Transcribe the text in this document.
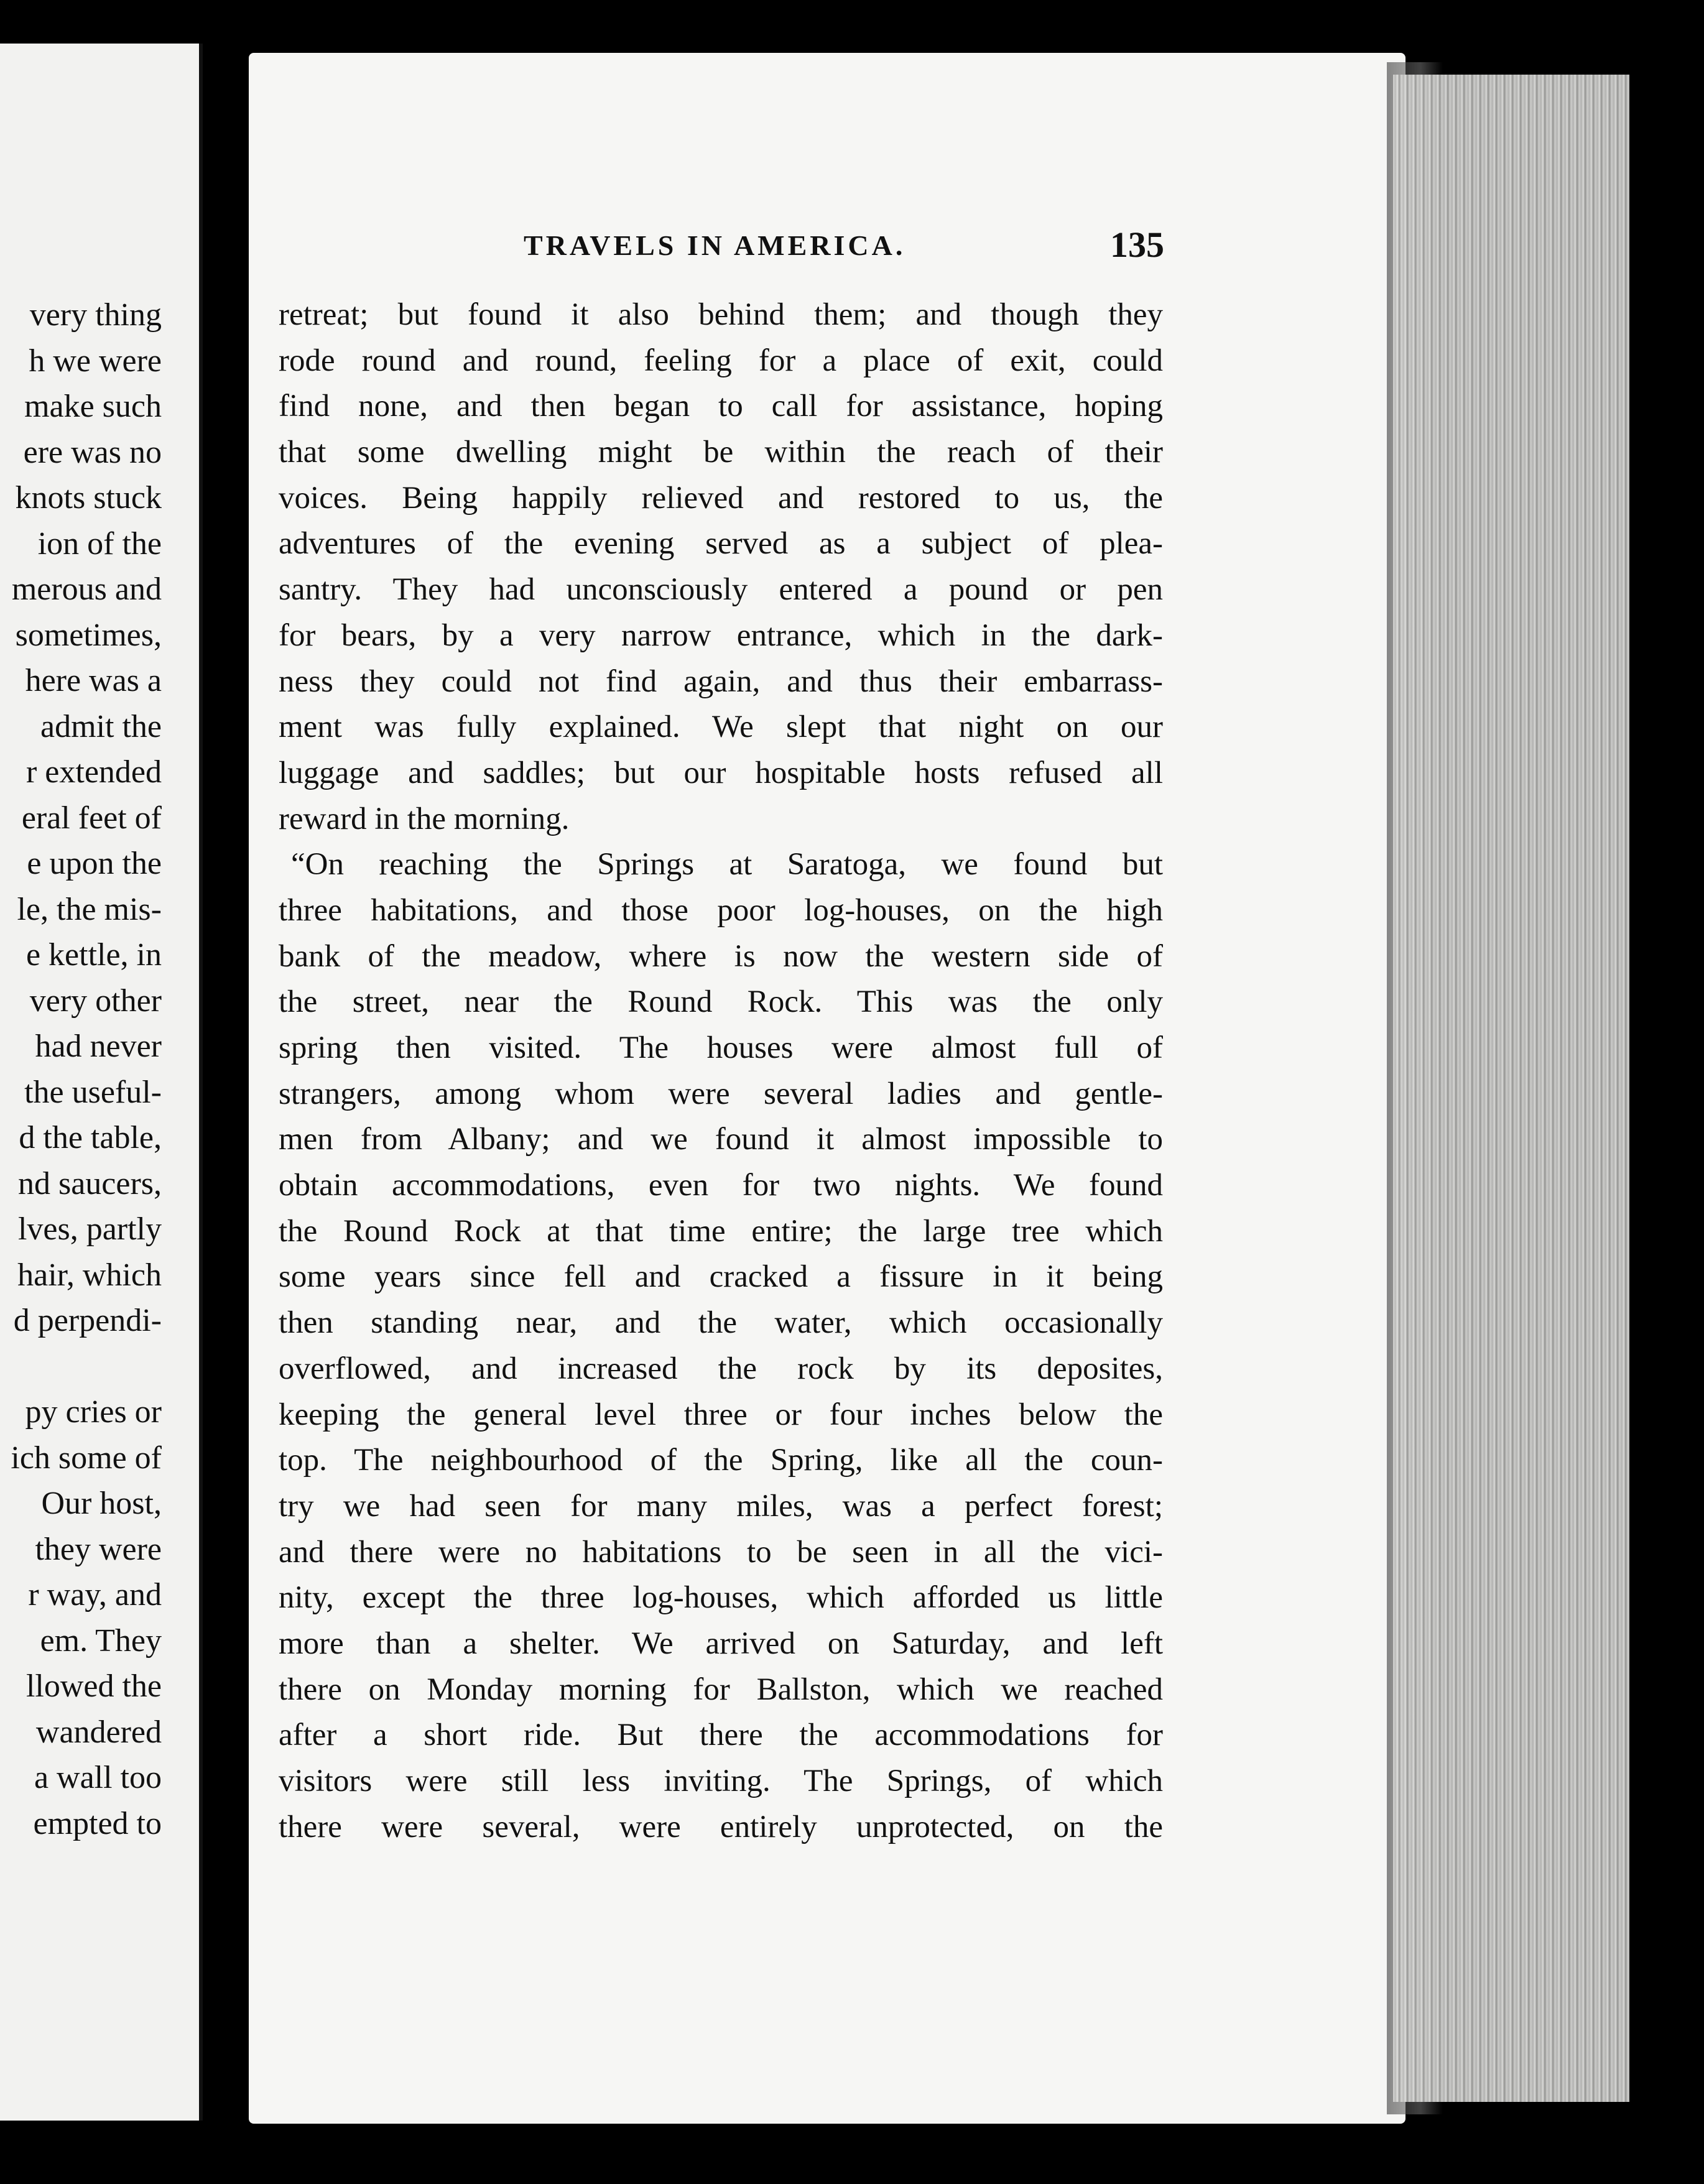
very thing
h we were
make such
ere was no
knots stuck
ion of the
merous and
sometimes,
here was a
admit the
r extended
eral feet of
e upon the
le, the mis-
e kettle, in
very other
had never
the useful-
d the table,
nd saucers,
lves, partly
hair, which
d perpendi-
py cries or
ich some of
Our host,
they were
r way, and
em. They
llowed the
wandered
a wall too
empted to
TRAVELS IN AMERICA.	135
retreat; but found it also behind them; and though they
rode round and round, feeling for a place of exit, could
find none, and then began to call for assistance, hoping
that some dwelling might be within the reach of their
voices. Being happily relieved and restored to us, the
adventures of the evening served as a subject of plea-
santry. They had unconsciously entered a pound or pen
for bears, by a very narrow entrance, which in the dark-
ness they could not find again, and thus their embarrass-
ment was fully explained. We slept that night on our
luggage and saddles; but our hospitable hosts refused all
reward in the morning.
“On reaching the Springs at Saratoga, we found but
three habitations, and those poor log-houses, on the high
bank of the meadow, where is now the western side of
the street, near the Round Rock. This was the only
spring then visited. The houses were almost full of
strangers, among whom were several ladies and gentle-
men from Albany; and we found it almost impossible to
obtain accommodations, even for two nights. We found
the Round Rock at that time entire; the large tree which
some years since fell and cracked a fissure in it being
then standing near, and the water, which occasionally
overflowed, and increased the rock by its deposites,
keeping the general level three or four inches below the
top. The neighbourhood of the Spring, like all the coun-
try we had seen for many miles, was a perfect forest;
and there were no habitations to be seen in all the vici-
nity, except the three log-houses, which afforded us little
more than a shelter. We arrived on Saturday, and left
there on Monday morning for Ballston, which we reached
after a short ride. But there the accommodations for
visitors were still less inviting. The Springs, of which
there were several, were entirely unprotected, on the
